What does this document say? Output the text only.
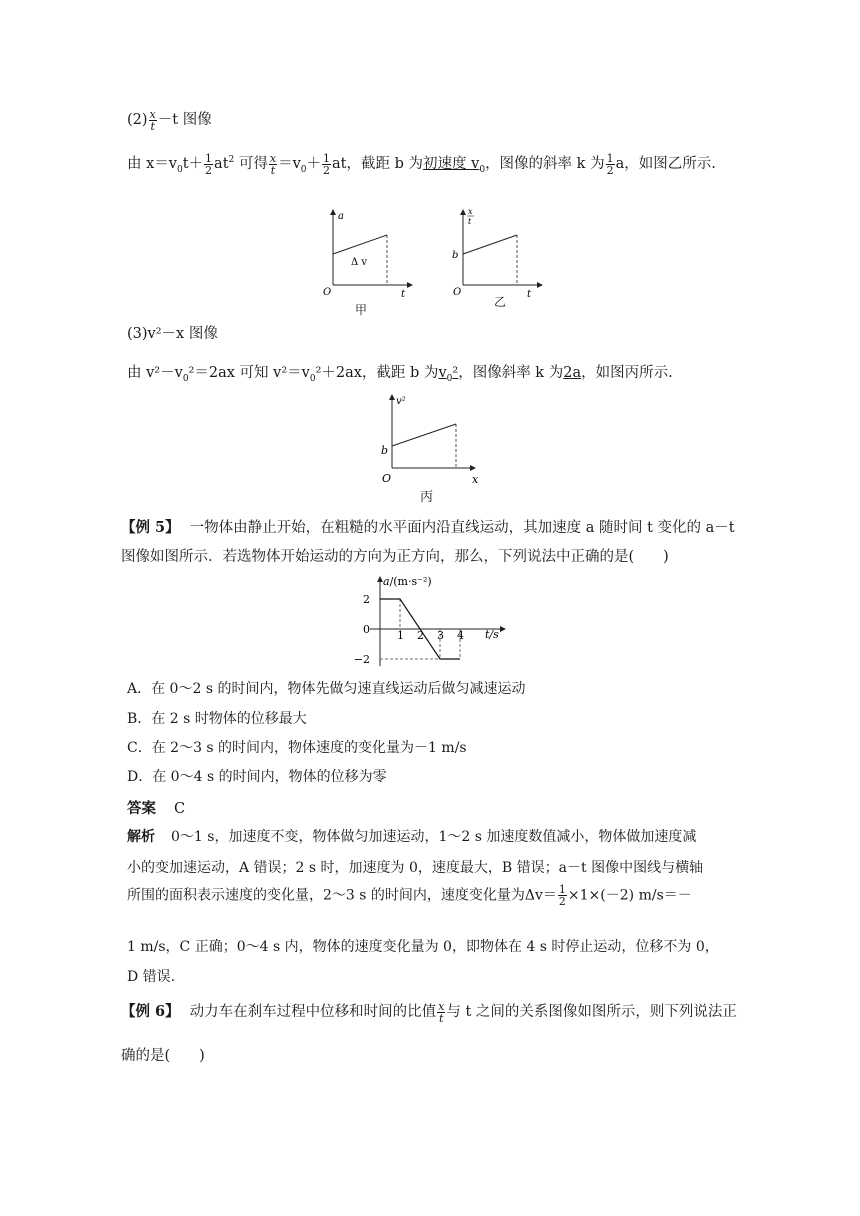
$(2) \frac{x}{t} -t$ 图像
由 $x=v_0t+ \frac{1}{2} at^2$ 可得 $\frac{x}{t} =v_0+ \frac{1}{2}$ at，截距 b 为初速度 $v_0$，图像的斜率 k 为 $\frac{1}{2}$ a，如图乙所示.
a
O	t
Δ v
甲
x
t
b
O	t
乙
(3)v²－x 图像
由 $v^2-v_0^2=2ax$ 可知 $v^2=v_0^2+2ax$，截距 b 为$v_0^2$，图像斜率 k 为2a，如图丙所示.
v²
b
O	x
丙
【例 5】 一物体由静止开始，在粗糙的水平面内沿直线运动，其加速度 a 随时间 t 变化的 a－t
图像如图所示．若选物体开始运动的方向为正方向，那么，下列说法中正确的是(　　)
1 2 3 4
a/(m·s⁻²)
2
0
−2
t/s
A．在 0～2 s 的时间内，物体先做匀速直线运动后做匀减速运动
B．在 2 s 时物体的位移最大
C．在 2～3 s 的时间内，物体速度的变化量为－1 m/s
D．在 0～4 s 的时间内，物体的位移为零
答案 C
解析 0～1 s，加速度不变，物体做匀加速运动，1～2 s 加速度数值减小，物体做加速度减
小的变加速运动，A 错误；2 s 时，加速度为 0，速度最大，B 错误；a－t 图像中图线与横轴
所围的面积表示速度的变化量，2～3 s 的时间内，速度变化量为$\Delta v= \frac{1}{2} \times 1\times(-2)$ m/s＝－
1 m/s，C 正确；0～4 s 内，物体的速度变化量为 0，即物体在 4 s 时停止运动，位移不为 0，
D 错误.
【例 6】 动力车在刹车过程中位移和时间的比值 $\frac{x}{t}$ 与 t 之间的关系图像如图所示，则下列说法正
确的是(　　)
